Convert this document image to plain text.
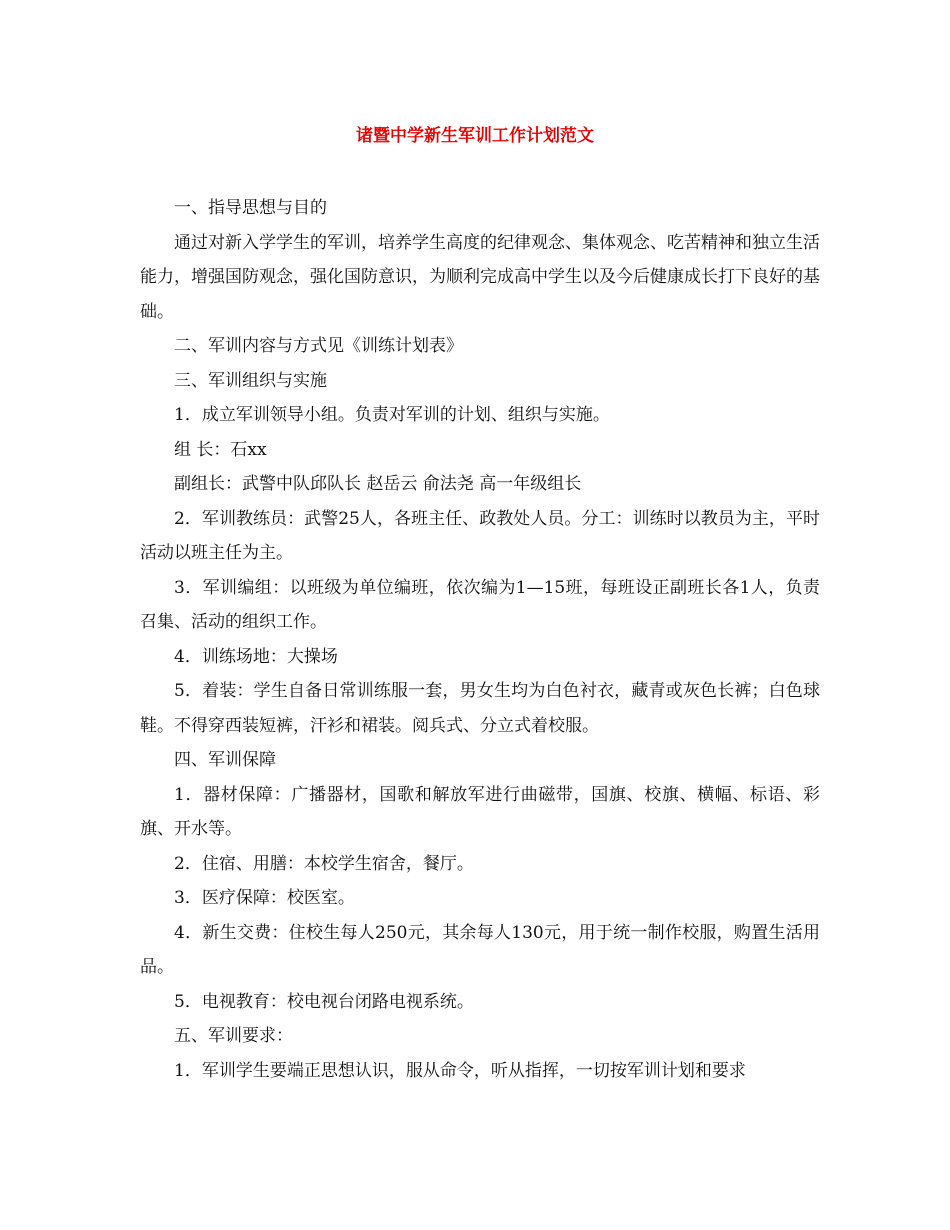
诸暨中学新生军训工作计划范文

一、指导思想与目的

通过对新入学学生的军训，培养学生高度的纪律观念、集体观念、吃苦精神和独立生活能力，增强国防观念，强化国防意识，为顺利完成高中学生以及今后健康成长打下良好的基础。

二、军训内容与方式见《训练计划表》

三、军训组织与实施

1．成立军训领导小组。负责对军训的计划、组织与实施。

组 长：石xx

副组长：武警中队邱队长 赵岳云 俞法尧 高一年级组长

2．军训教练员：武警25人，各班主任、政教处人员。分工：训练时以教员为主，平时活动以班主任为主。

3．军训编组：以班级为单位编班，依次编为1—15班，每班设正副班长各1人，负责召集、活动的组织工作。

4．训练场地：大操场

5．着装：学生自备日常训练服一套，男女生均为白色衬衣，藏青或灰色长裤；白色球鞋。不得穿西装短裤，汗衫和裙装。阅兵式、分立式着校服。

四、军训保障

1．器材保障：广播器材，国歌和解放军进行曲磁带，国旗、校旗、横幅、标语、彩旗、开水等。

2．住宿、用膳：本校学生宿舍，餐厅。

3．医疗保障：校医室。

4．新生交费：住校生每人250元，其余每人130元，用于统一制作校服，购置生活用品。

5．电视教育：校电视台闭路电视系统。

五、军训要求：

1．军训学生要端正思想认识，服从命令，听从指挥，一切按军训计划和要求
